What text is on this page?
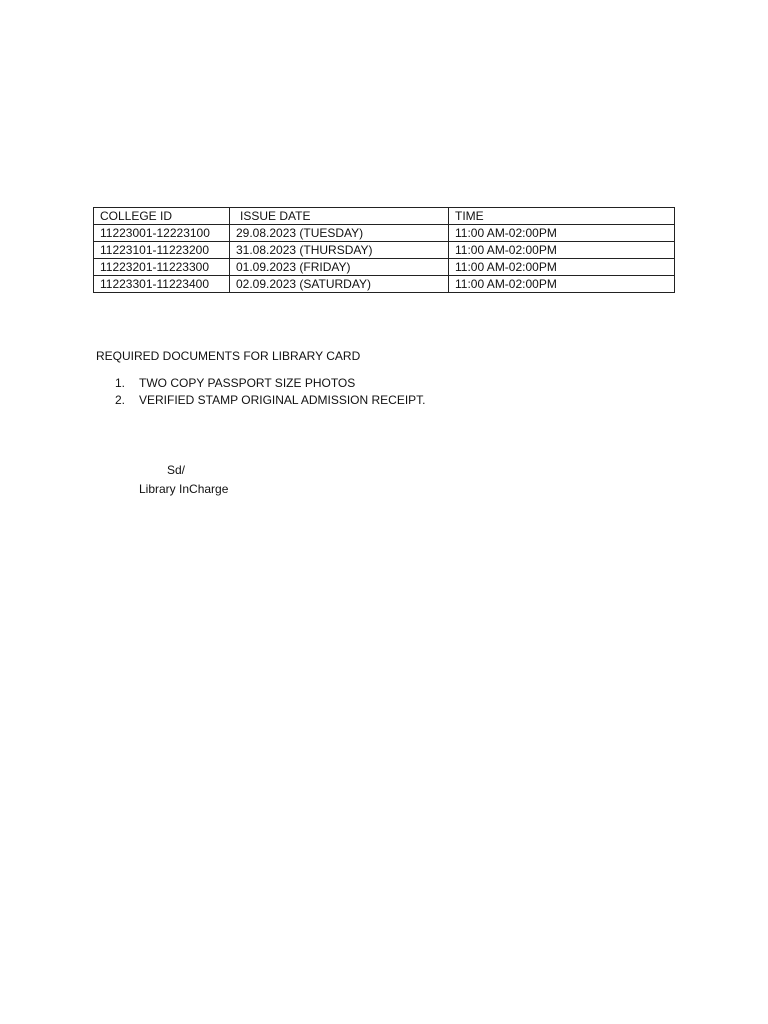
COLLEGE ID	ISSUE DATE	TIME
11223001-12223100	29.08.2023 (TUESDAY)	11:00 AM-02:00PM
11223101-11223200	31.08.2023 (THURSDAY)	11:00 AM-02:00PM
11223201-11223300	01.09.2023 (FRIDAY)	11:00 AM-02:00PM
11223301-11223400	02.09.2023 (SATURDAY)	11:00 AM-02:00PM
REQUIRED DOCUMENTS FOR LIBRARY CARD
1.	TWO COPY PASSPORT SIZE PHOTOS
2.	VERIFIED STAMP ORIGINAL ADMISSION RECEIPT.
Sd/
Library InCharge
